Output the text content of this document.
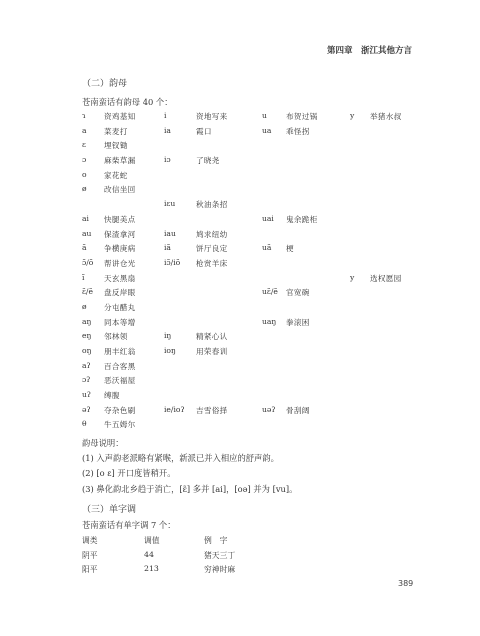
第四章　浙江其他方言
（二）韵母
苍南蛮话有韵母 40 个：
ɿ 资鸡基知	i	资地写来	u	布贺过锅	y 举猪水叔
a 菜麦打	ia	霞口	ua 乖怪拐
ɛ 埋钗锄
ɔ 麻柴草漏	iɔ	了晓尧
o 家花蛇
ø 改信坐回
iɛu	秋油条招
ai 快腿美点	uai 鬼余跪柜
au 保渣拿河	iau	鸠求纽幼
ã 争横庚病	iã	饼厅良定	uã 梗
ɔ̃/õ 帮讲仓光	iɔ̃/iõ 枪赏羊床
ĩ	天玄黑扇	y 选权愿园
ɛ̃/ẽ 盘反岸眼	uɛ̃/ẽ 官宽碗
ø 分屯醋丸
aŋ 同本等增	uaŋ 拳滚困
eŋ 邻林领	iŋ	精紧心认
oŋ 朋丰红翁	ioŋ	用荣春训
aʔ 百合客黑
ɔʔ 恶沃福屋
uʔ 缚腹
əʔ 夺杂色刷	ie/ioʔ 吉雪俗择	uəʔ 骨刮阔
θ 牛五姆尔
韵母说明：
(1) 入声韵老派略有紧喉，新派已并入相应的舒声韵。
(2) [o ɛ] 开口度皆稍开。
(3) 鼻化韵北乡趋于消亡，[ɛ̃] 多并 [ai]，[oə] 并为 [vu]。
（三）单字调
苍南蛮话有单字调 7 个：
调类	调值	例　字
阴平	44	猪天三丁
阳平	213	穷神时麻
389
